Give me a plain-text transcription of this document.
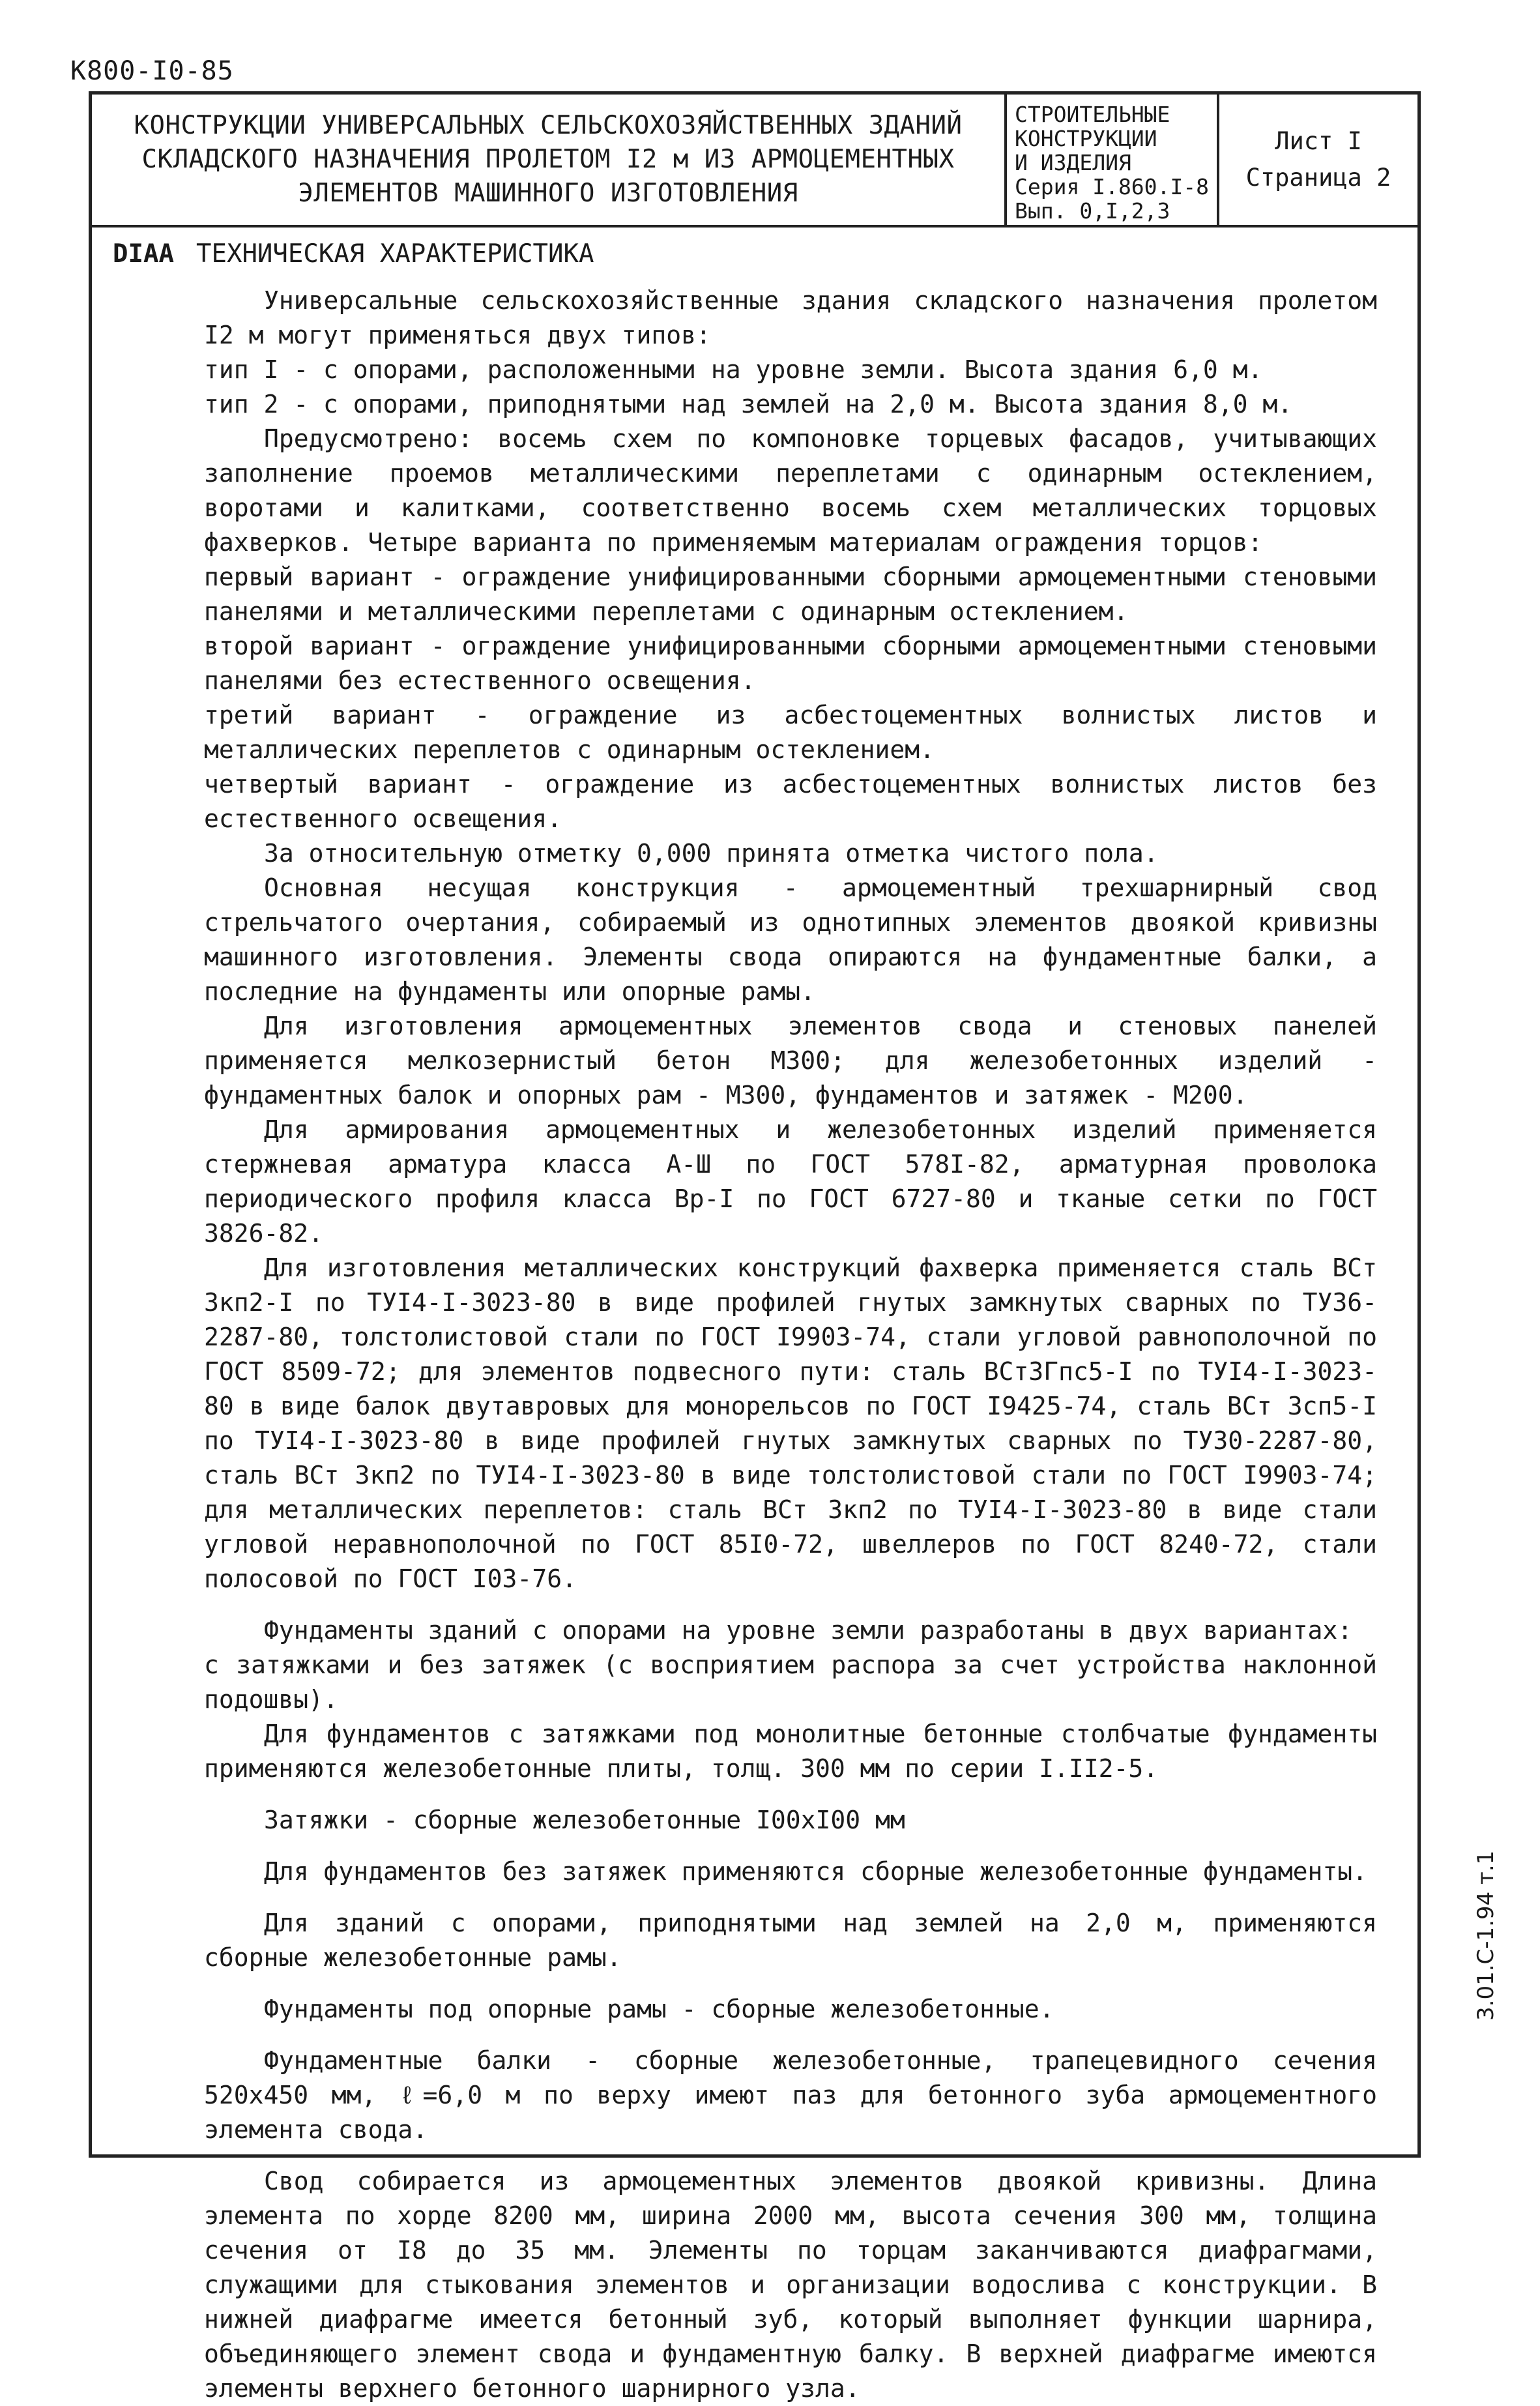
К800-I0-85
КОНСТРУКЦИИ УНИВЕРСАЛЬНЫХ СЕЛЬСКОХОЗЯЙСТВЕННЫХ ЗДАНИЙ
СКЛАДСКОГО НАЗНАЧЕНИЯ ПРОЛЕТОМ I2 м ИЗ АРМОЦЕМЕНТНЫХ
ЭЛЕМЕНТОВ МАШИННОГО ИЗГОТОВЛЕНИЯ
СТРОИТЕЛЬНЫЕ
КОНСТРУКЦИИ
И ИЗДЕЛИЯ
Серия I.860.I-8
Вып. 0,I,2,3
Лист I
Страница 2
DIAA ТЕХНИЧЕСКАЯ ХАРАКТЕРИСТИКА

Универсальные сельскохозяйственные здания складского назначения пролетом I2 м могут применяться двух типов:

тип I - с опорами, расположенными на уровне земли. Высота здания 6,0 м.

тип 2 - с опорами, приподнятыми над землей на 2,0 м. Высота здания 8,0 м.

Предусмотрено: восемь схем по компоновке торцевых фасадов, учитывающих заполнение проемов металлическими переплетами с одинарным остеклением, воротами и калитками, соответственно восемь схем металлических торцовых фахверков. Четыре варианта по применяемым материалам ограждения торцов:

первый вариант - ограждение унифицированными сборными армоцементными стеновыми панелями и металлическими переплетами с одинарным остеклением.

второй вариант - ограждение унифицированными сборными армоцементными стеновыми панелями без естественного освещения.

третий вариант - ограждение из асбестоцементных волнистых листов и металлических переплетов с одинарным остеклением.

четвертый вариант - ограждение из асбестоцементных волнистых листов без естественного освещения.

За относительную отметку 0,000 принята отметка чистого пола.

Основная несущая конструкция - армоцементный трехшарнирный свод стрельчатого очертания, собираемый из однотипных элементов двоякой кривизны машинного изготовления. Элементы свода опираются на фундаментные балки, а последние на фундаменты или опорные рамы.

Для изготовления армоцементных элементов свода и стеновых панелей применяется мелкозернистый бетон М300; для железобетонных изделий - фундаментных балок и опорных рам - М300, фундаментов и затяжек - М200.

Для армирования армоцементных и железобетонных изделий применяется стержневая арматура класса А-Ш по ГОСТ 578I-82, арматурная проволока периодического профиля класса Вр-I по ГОСТ 6727-80 и тканые сетки по ГОСТ 3826-82.

Для изготовления металлических конструкций фахверка применяется сталь ВСт 3кп2-I по ТУI4-I-3023-80 в виде профилей гнутых замкнутых сварных по ТУ36-2287-80, толстолистовой стали по ГОСТ I9903-74, стали угловой равнополочной по ГОСТ 8509-72; для элементов подвесного пути: сталь ВСт3Гпс5-I по ТУI4-I-3023-80 в виде балок двутавровых для монорельсов по ГОСТ I9425-74, сталь ВСт 3сп5-I по ТУI4-I-3023-80 в виде профилей гнутых замкнутых сварных по ТУ30-2287-80, сталь ВСт 3кп2 по ТУI4-I-3023-80 в виде толстолистовой стали по ГОСТ I9903-74; для металлических переплетов: сталь ВСт 3кп2 по ТУI4-I-3023-80 в виде стали угловой неравнополочной по ГОСТ 85I0-72, швеллеров по ГОСТ 8240-72, стали полосовой по ГОСТ I03-76.

Фундаменты зданий с опорами на уровне земли разработаны в двух вариантах:

с затяжками и без затяжек (с восприятием распора за счет устройства наклонной подошвы).

Для фундаментов с затяжками под монолитные бетонные столбчатые фундаменты применяются железобетонные плиты, толщ. 300 мм по серии I.II2-5.

Затяжки - сборные железобетонные I00хI00 мм

Для фундаментов без затяжек применяются сборные железобетонные фундаменты.

Для зданий с опорами, приподнятыми над землей на 2,0 м, применяются сборные железобетонные рамы.

Фундаменты под опорные рамы - сборные железобетонные.

Фундаментные балки - сборные железобетонные, трапецевидного сечения 520х450 мм, ℓ=6,0 м по верху имеют паз для бетонного зуба армоцементного элемента свода.

Свод собирается из армоцементных элементов двоякой кривизны. Длина элемента по хорде 8200 мм, ширина 2000 мм, высота сечения 300 мм, толщина сечения от I8 до 35 мм. Элементы по торцам заканчиваются диафрагмами, служащими для стыкования элементов и организации водослива с конструкции. В нижней диафрагме имеется бетонный зуб, который выполняет функции шарнира, объединяющего элемент свода и фундаментную балку. В верхней диафрагме имеются элементы верхнего бетонного шарнирного узла.

3.01.С-1.94 т.1
